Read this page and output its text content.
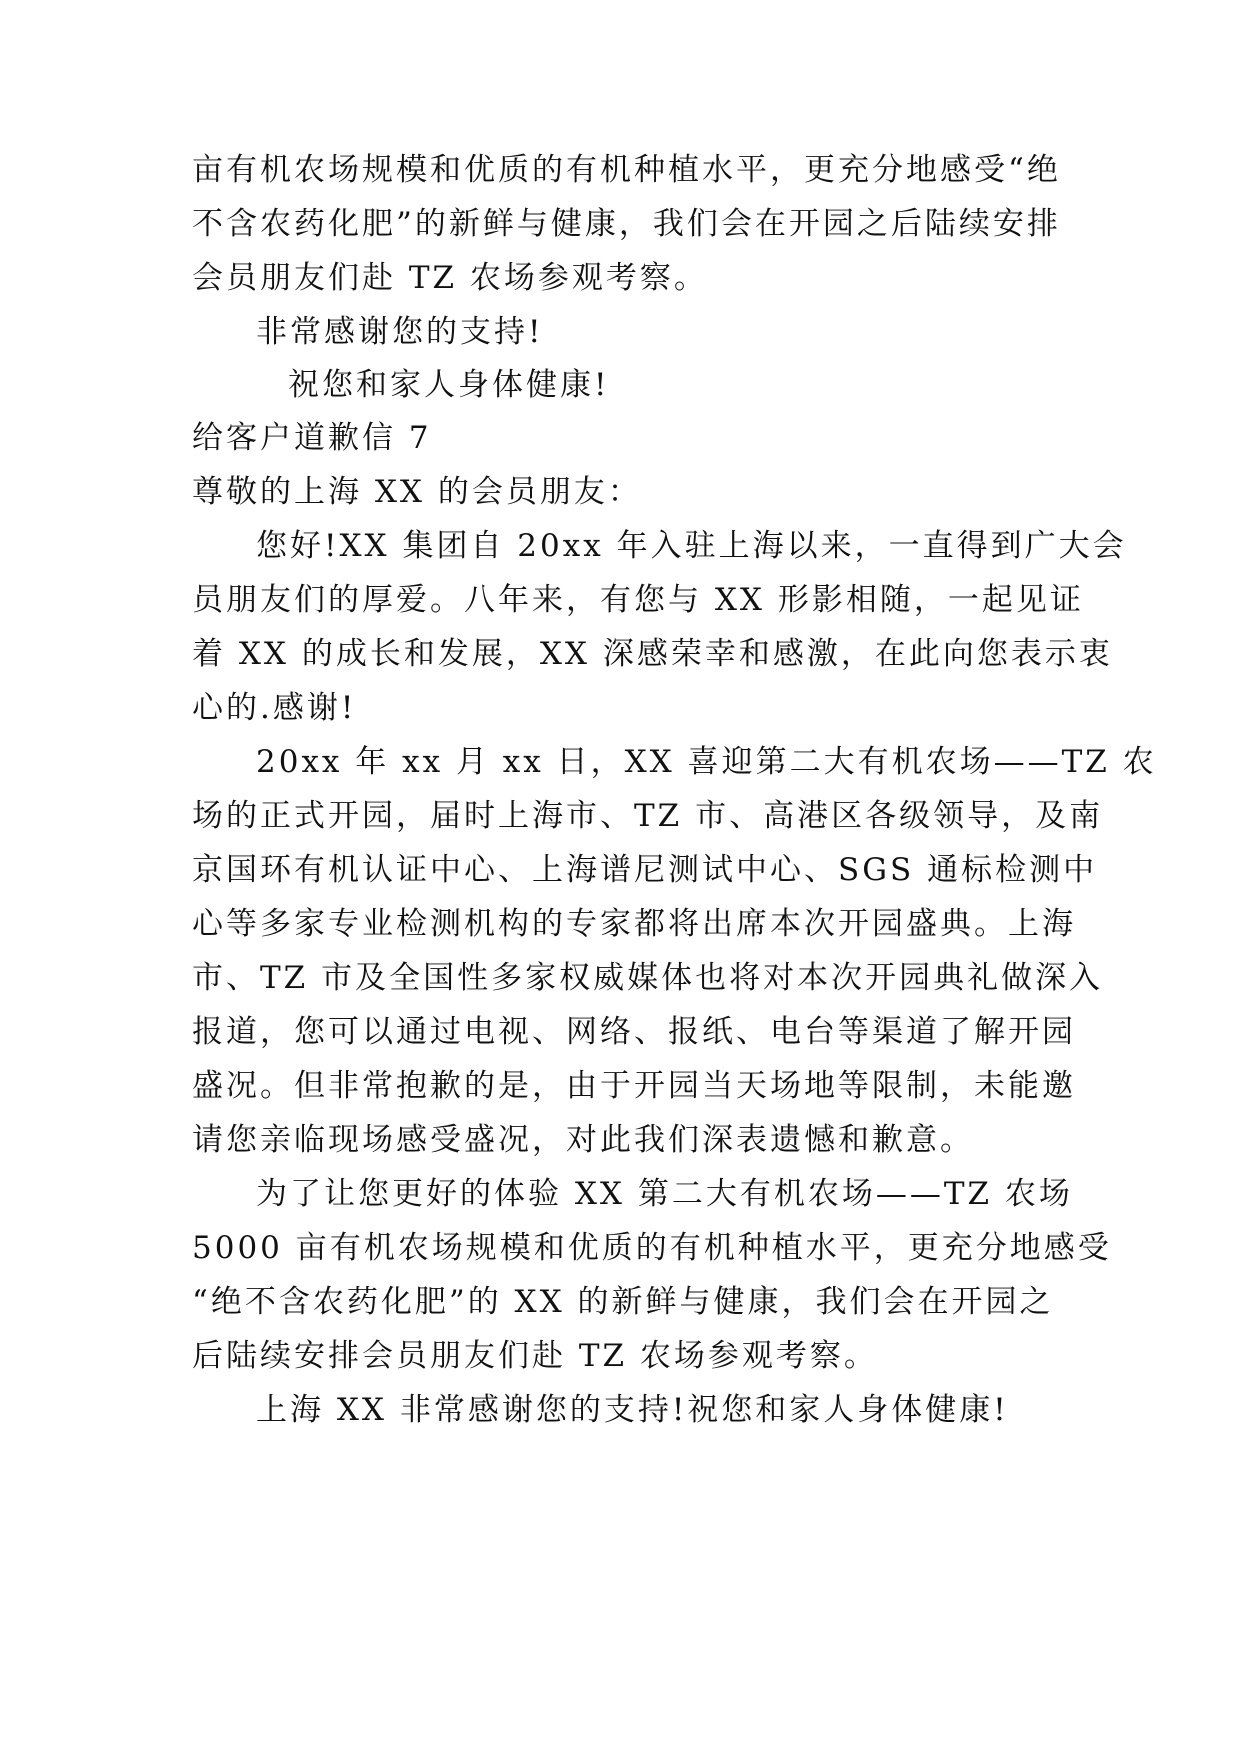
亩有机农场规模和优质的有机种植水平，更充分地感受“绝
不含农药化肥”的新鲜与健康，我们会在开园之后陆续安排
会员朋友们赴 TZ 农场参观考察。
非常感谢您的支持!
祝您和家人身体健康!
给客户道歉信 7
尊敬的上海 XX 的会员朋友：
您好!XX 集团自 20xx 年入驻上海以来，一直得到广大会
员朋友们的厚爱。八年来，有您与 XX 形影相随，一起见证
着 XX 的成长和发展，XX 深感荣幸和感激，在此向您表示衷
心的.感谢!
20xx 年 xx 月 xx 日，XX 喜迎第二大有机农场——TZ 农
场的正式开园，届时上海市、TZ 市、高港区各级领导，及南
京国环有机认证中心、上海谱尼测试中心、SGS 通标检测中
心等多家专业检测机构的专家都将出席本次开园盛典。上海
市、TZ 市及全国性多家权威媒体也将对本次开园典礼做深入
报道，您可以通过电视、网络、报纸、电台等渠道了解开园
盛况。但非常抱歉的是，由于开园当天场地等限制，未能邀
请您亲临现场感受盛况，对此我们深表遗憾和歉意。
为了让您更好的体验 XX 第二大有机农场——TZ 农场
5000 亩有机农场规模和优质的有机种植水平，更充分地感受
“绝不含农药化肥”的 XX 的新鲜与健康，我们会在开园之
后陆续安排会员朋友们赴 TZ 农场参观考察。
上海 XX 非常感谢您的支持!祝您和家人身体健康!
